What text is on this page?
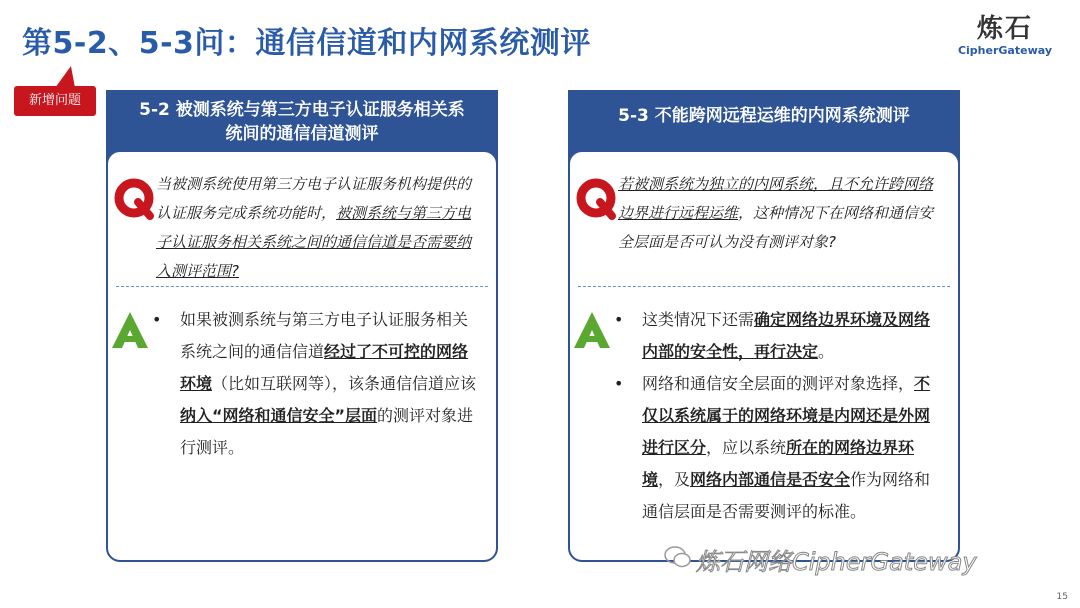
第5-2、5-3问：通信信道和内网系统测评	炼石
CipherGateway
新增问题	5-2 被测系统与第三方电子认证服务相关系
统间的通信信道测评
当被测系统使用第三方电子认证服务机构提供的认证服务完成系统功能时，被测系统与第三方电子认证服务相关系统之间的通信信道是否需要纳入测评范围?
• 如果被测系统与第三方电子认证服务相关系统之间的通信信道经过了不可控的网络环境（比如互联网等），该条通信信道应该纳入“网络和通信安全”层面的测评对象进行测评。
5-3 不能跨网远程运维的内网系统测评
若被测系统为独立的内网系统，且不允许跨网络边界进行远程运维，这种情况下在网络和通信安全层面是否可认为没有测评对象?
• 这类情况下还需确定网络边界环境及网络内部的安全性，再行决定。
• 网络和通信安全层面的测评对象选择，不仅以系统属于的网络环境是内网还是外网进行区分，应以系统所在的网络边界环境，及网络内部通信是否安全作为网络和通信层面是否需要测评的标准。
炼石网络CipherGateway
15
